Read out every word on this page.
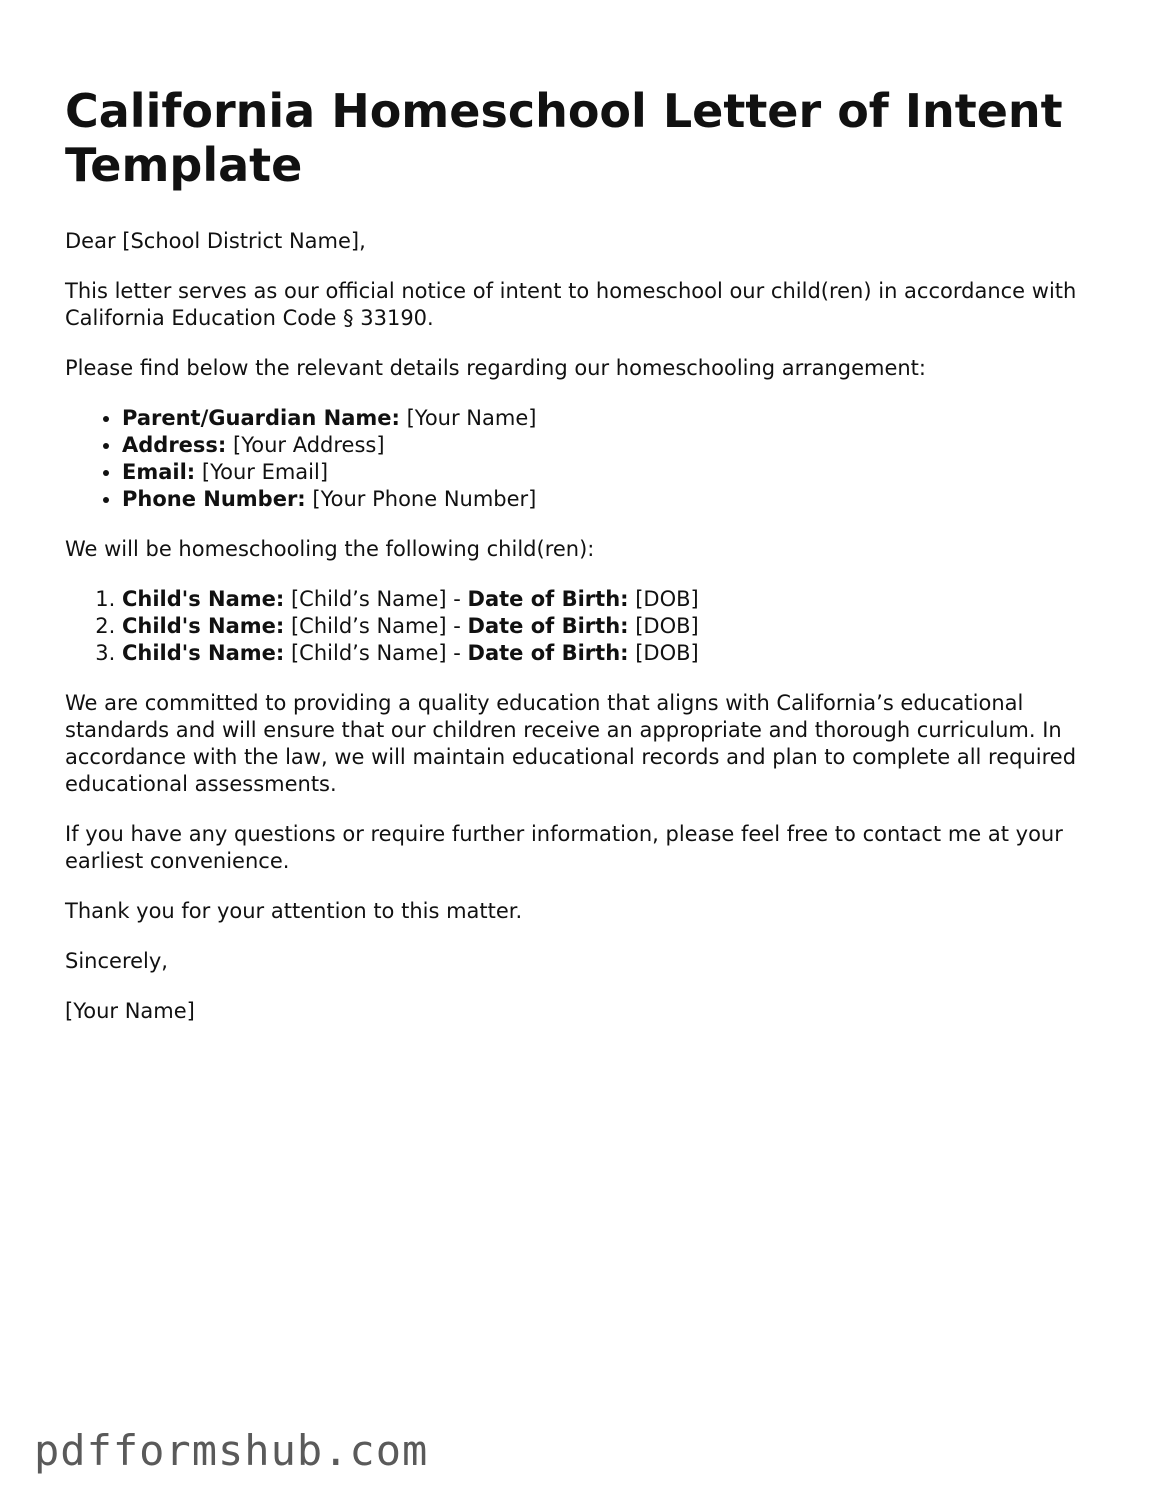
California Homeschool Letter of Intent Template

Dear [School District Name],

This letter serves as our official notice of intent to homeschool our child(ren) in accordance with California Education Code § 33190.

Please find below the relevant details regarding our homeschooling arrangement:

• Parent/Guardian Name: [Your Name]
• Address: [Your Address]
• Email: [Your Email]
• Phone Number: [Your Phone Number]

We will be homeschooling the following child(ren):

1. Child's Name: [Child’s Name] - Date of Birth: [DOB]
2. Child's Name: [Child’s Name] - Date of Birth: [DOB]
3. Child's Name: [Child’s Name] - Date of Birth: [DOB]

We are committed to providing a quality education that aligns with California’s educational standards and will ensure that our children receive an appropriate and thorough curriculum. In accordance with the law, we will maintain educational records and plan to complete all required educational assessments.

If you have any questions or require further information, please feel free to contact me at your earliest convenience.

Thank you for your attention to this matter.

Sincerely,

[Your Name]

pdfformshub.com
